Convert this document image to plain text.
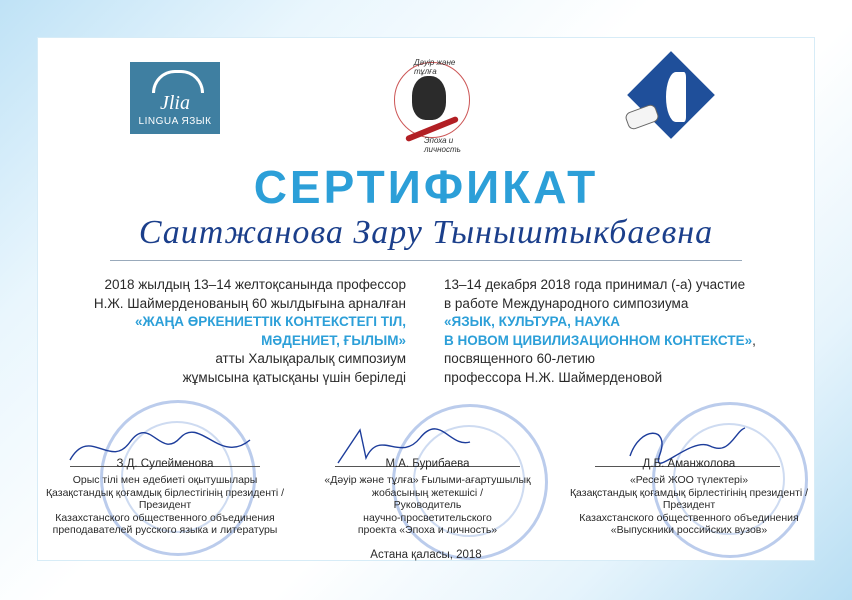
Jlia
LINGUA ЯЗЫК
Дәуір және тұлға
Эпоха и личность
СЕРТИФИКАТ
Саитжанова Зару Тыныштыкбаевна
2018 жылдың 13–14 желтоқсанында профессор
Н.Ж. Шаймерденованың 60 жылдығына арналған
«ЖАҢА ӨРКЕНИЕТТІК КОНТЕКСТЕГІ ТІЛ,
МӘДЕНИЕТ, ҒЫЛЫМ»
атты Халықаралық симпозиум
жұмысына қатысқаны үшін беріледі
13–14 декабря 2018 года принимал (-а) участие
в работе Международного симпозиума
«ЯЗЫК, КУЛЬТУРА, НАУКА
В НОВОМ ЦИВИЛИЗАЦИОННОМ КОНТЕКСТЕ»,
посвященного 60-летию
профессора Н.Ж. Шаймерденовой
З.Д. Сулейменова
Орыс тілі мен әдебиеті оқытушылары
Қазақстандық қоғамдық бірлестігінің президенті /
Президент
Казахстанского общественного объединения
преподавателей русского языка и литературы
М.А. Бурибаева
«Дәуір және тұлға» Ғылыми-ағартушылық
жобасының жетекшісі /
Руководитель
научно-просветительского
проекта «Эпоха и личность»
Д.Б. Аманжолова
«Ресей ЖОО түлектері»
Қазақстандық қоғамдық бірлестігінің президенті /
Президент
Казахстанского общественного объединения
«Выпускники российских вузов»
Астана қаласы, 2018
